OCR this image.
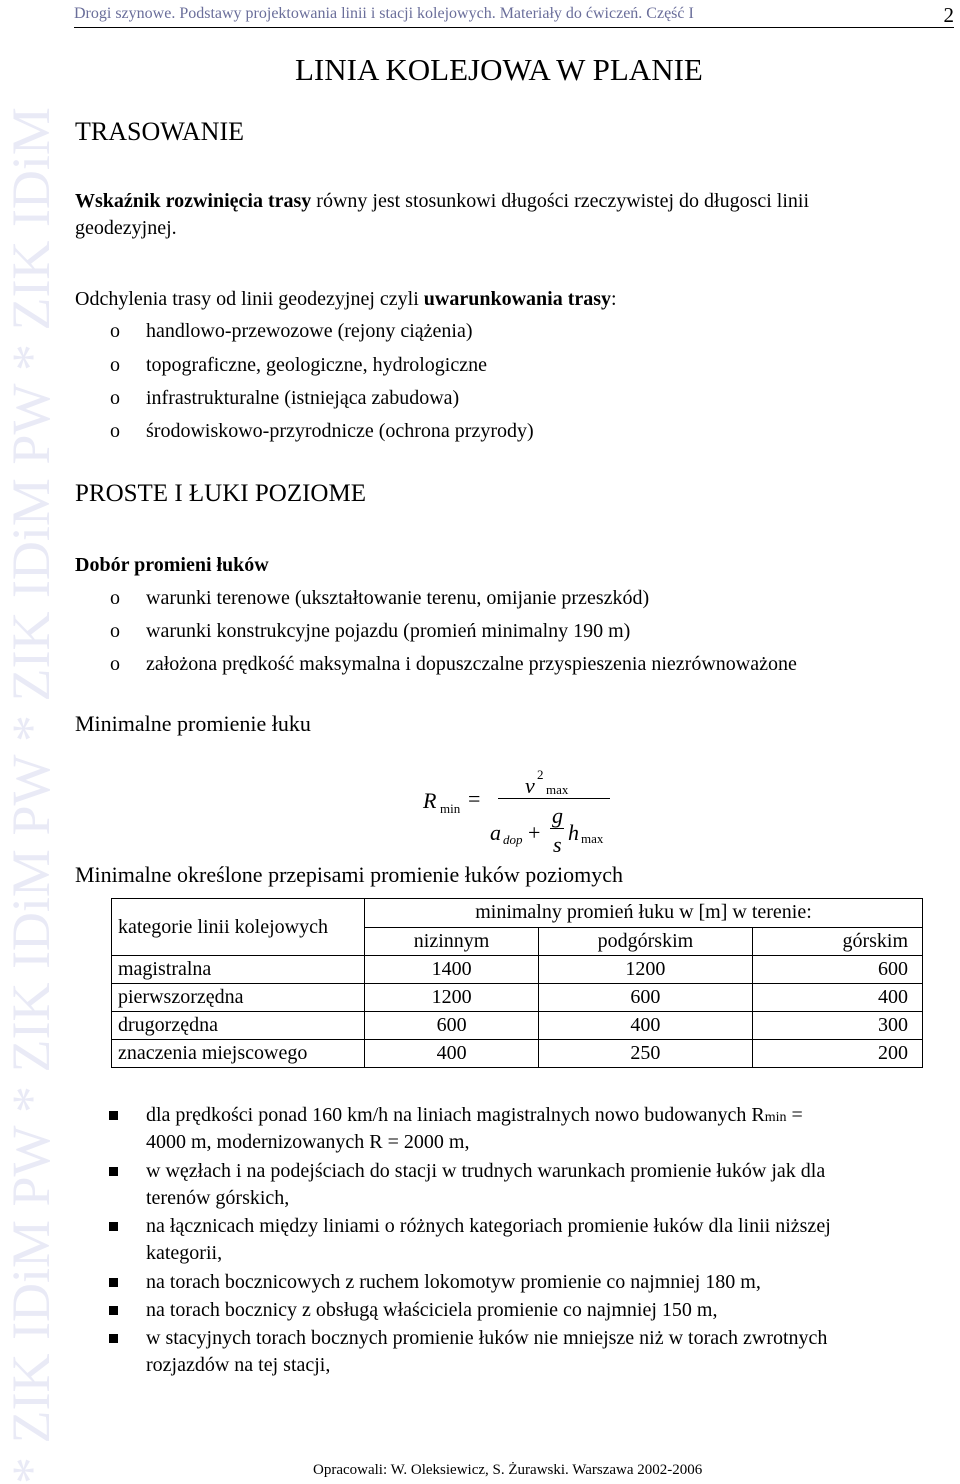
* ZIK IDiM PW * ZIK IDiM PW * ZIK IDiM PW * ZIK IDiM
Drogi szynowe. Podstawy projektowania linii i stacji kolejowych. Materiały do ćwiczeń. Część I	2
LINIA KOLEJOWA W PLANIE
TRASOWANIE
Wskaźnik rozwinięcia trasy równy jest stosunkowi długości rzeczywistej do długosci linii
geodezyjnej.
Odchylenia trasy od linii geodezyjnej czyli uwarunkowania trasy:
o handlowo-przewozowe (rejony ciążenia)
o topograficzne, geologiczne, hydrologiczne
o infrastrukturalne (istniejąca zabudowa)
o środowiskowo-przyrodnicze (ochrona przyrody)
PROSTE I ŁUKI POZIOME
Dobór promieni łuków
o warunki terenowe (ukształtowanie terenu, omijanie przeszkód)
o warunki konstrukcyjne pojazdu (promień minimalny 190 m)
o założona prędkość maksymalna i dopuszczalne przyspieszenia niezrównoważone
Minimalne promienie łuku
R min =
v 2
max
a dop +
g
s h max
Minimalne określone przepisami promienie łuków poziomych
kategorie linii kolejowych	minimalny promień łuku w [m] w terenie:		
	nizinnym	podgórskim	górskim
magistralna	1400	1200	600
pierwszorzędna	1200	600	400
drugorzędna	600	400	300
znaczenia miejscowego	400	250	200
dla prędkości ponad 160 km/h na liniach magistralnych nowo budowanych Rmin =
4000 m, modernizowanych R = 2000 m,
w węzłach i na podejściach do stacji w trudnych warunkach promienie łuków jak dla
terenów górskich,
na łącznicach między liniami o różnych kategoriach promienie łuków dla linii niższej
kategorii,
na torach bocznicowych z ruchem lokomotyw promienie co najmniej 180 m,
na torach bocznicy z obsługą właściciela promienie co najmniej 150 m,
w stacyjnych torach bocznych promienie łuków nie mniejsze niż w torach zwrotnych
rozjazdów na tej stacji,
Opracowali: W. Oleksiewicz, S. Żurawski. Warszawa 2002-2006
